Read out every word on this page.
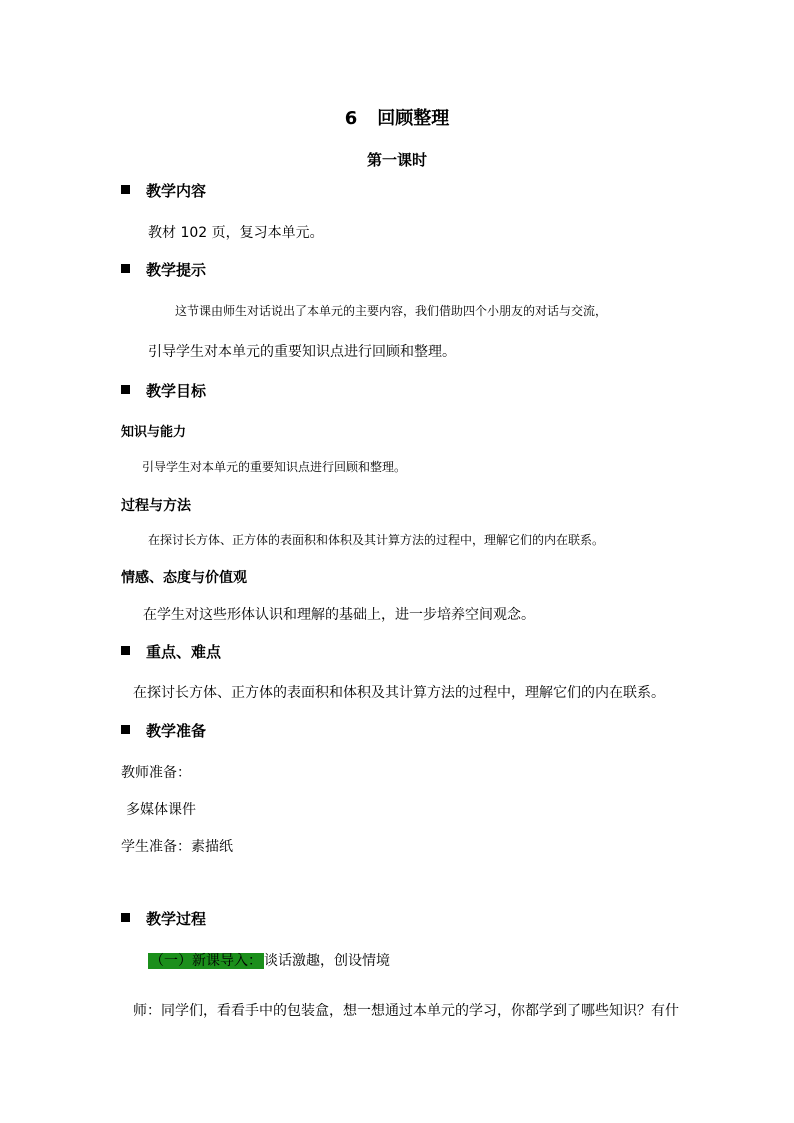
6 回顾整理
第一课时
教学内容
教材 102 页，复习本单元。
教学提示
这节课由师生对话说出了本单元的主要内容，我们借助四个小朋友的对话与交流，
引导学生对本单元的重要知识点进行回顾和整理。
教学目标
知识与能力
引导学生对本单元的重要知识点进行回顾和整理。
过程与方法
在探讨长方体、正方体的表面积和体积及其计算方法的过程中，理解它们的内在联系。
情感、态度与价值观
在学生对这些形体认识和理解的基础上，进一步培养空间观念。
重点、难点
在探讨长方体、正方体的表面积和体积及其计算方法的过程中，理解它们的内在联系。
教学准备
教师准备：
多媒体课件
学生准备：素描纸
教学过程
（一）新课导入： 谈话激趣，创设情境
师：同学们，看看手中的包装盒，想一想通过本单元的学习，你都学到了哪些知识？有什
